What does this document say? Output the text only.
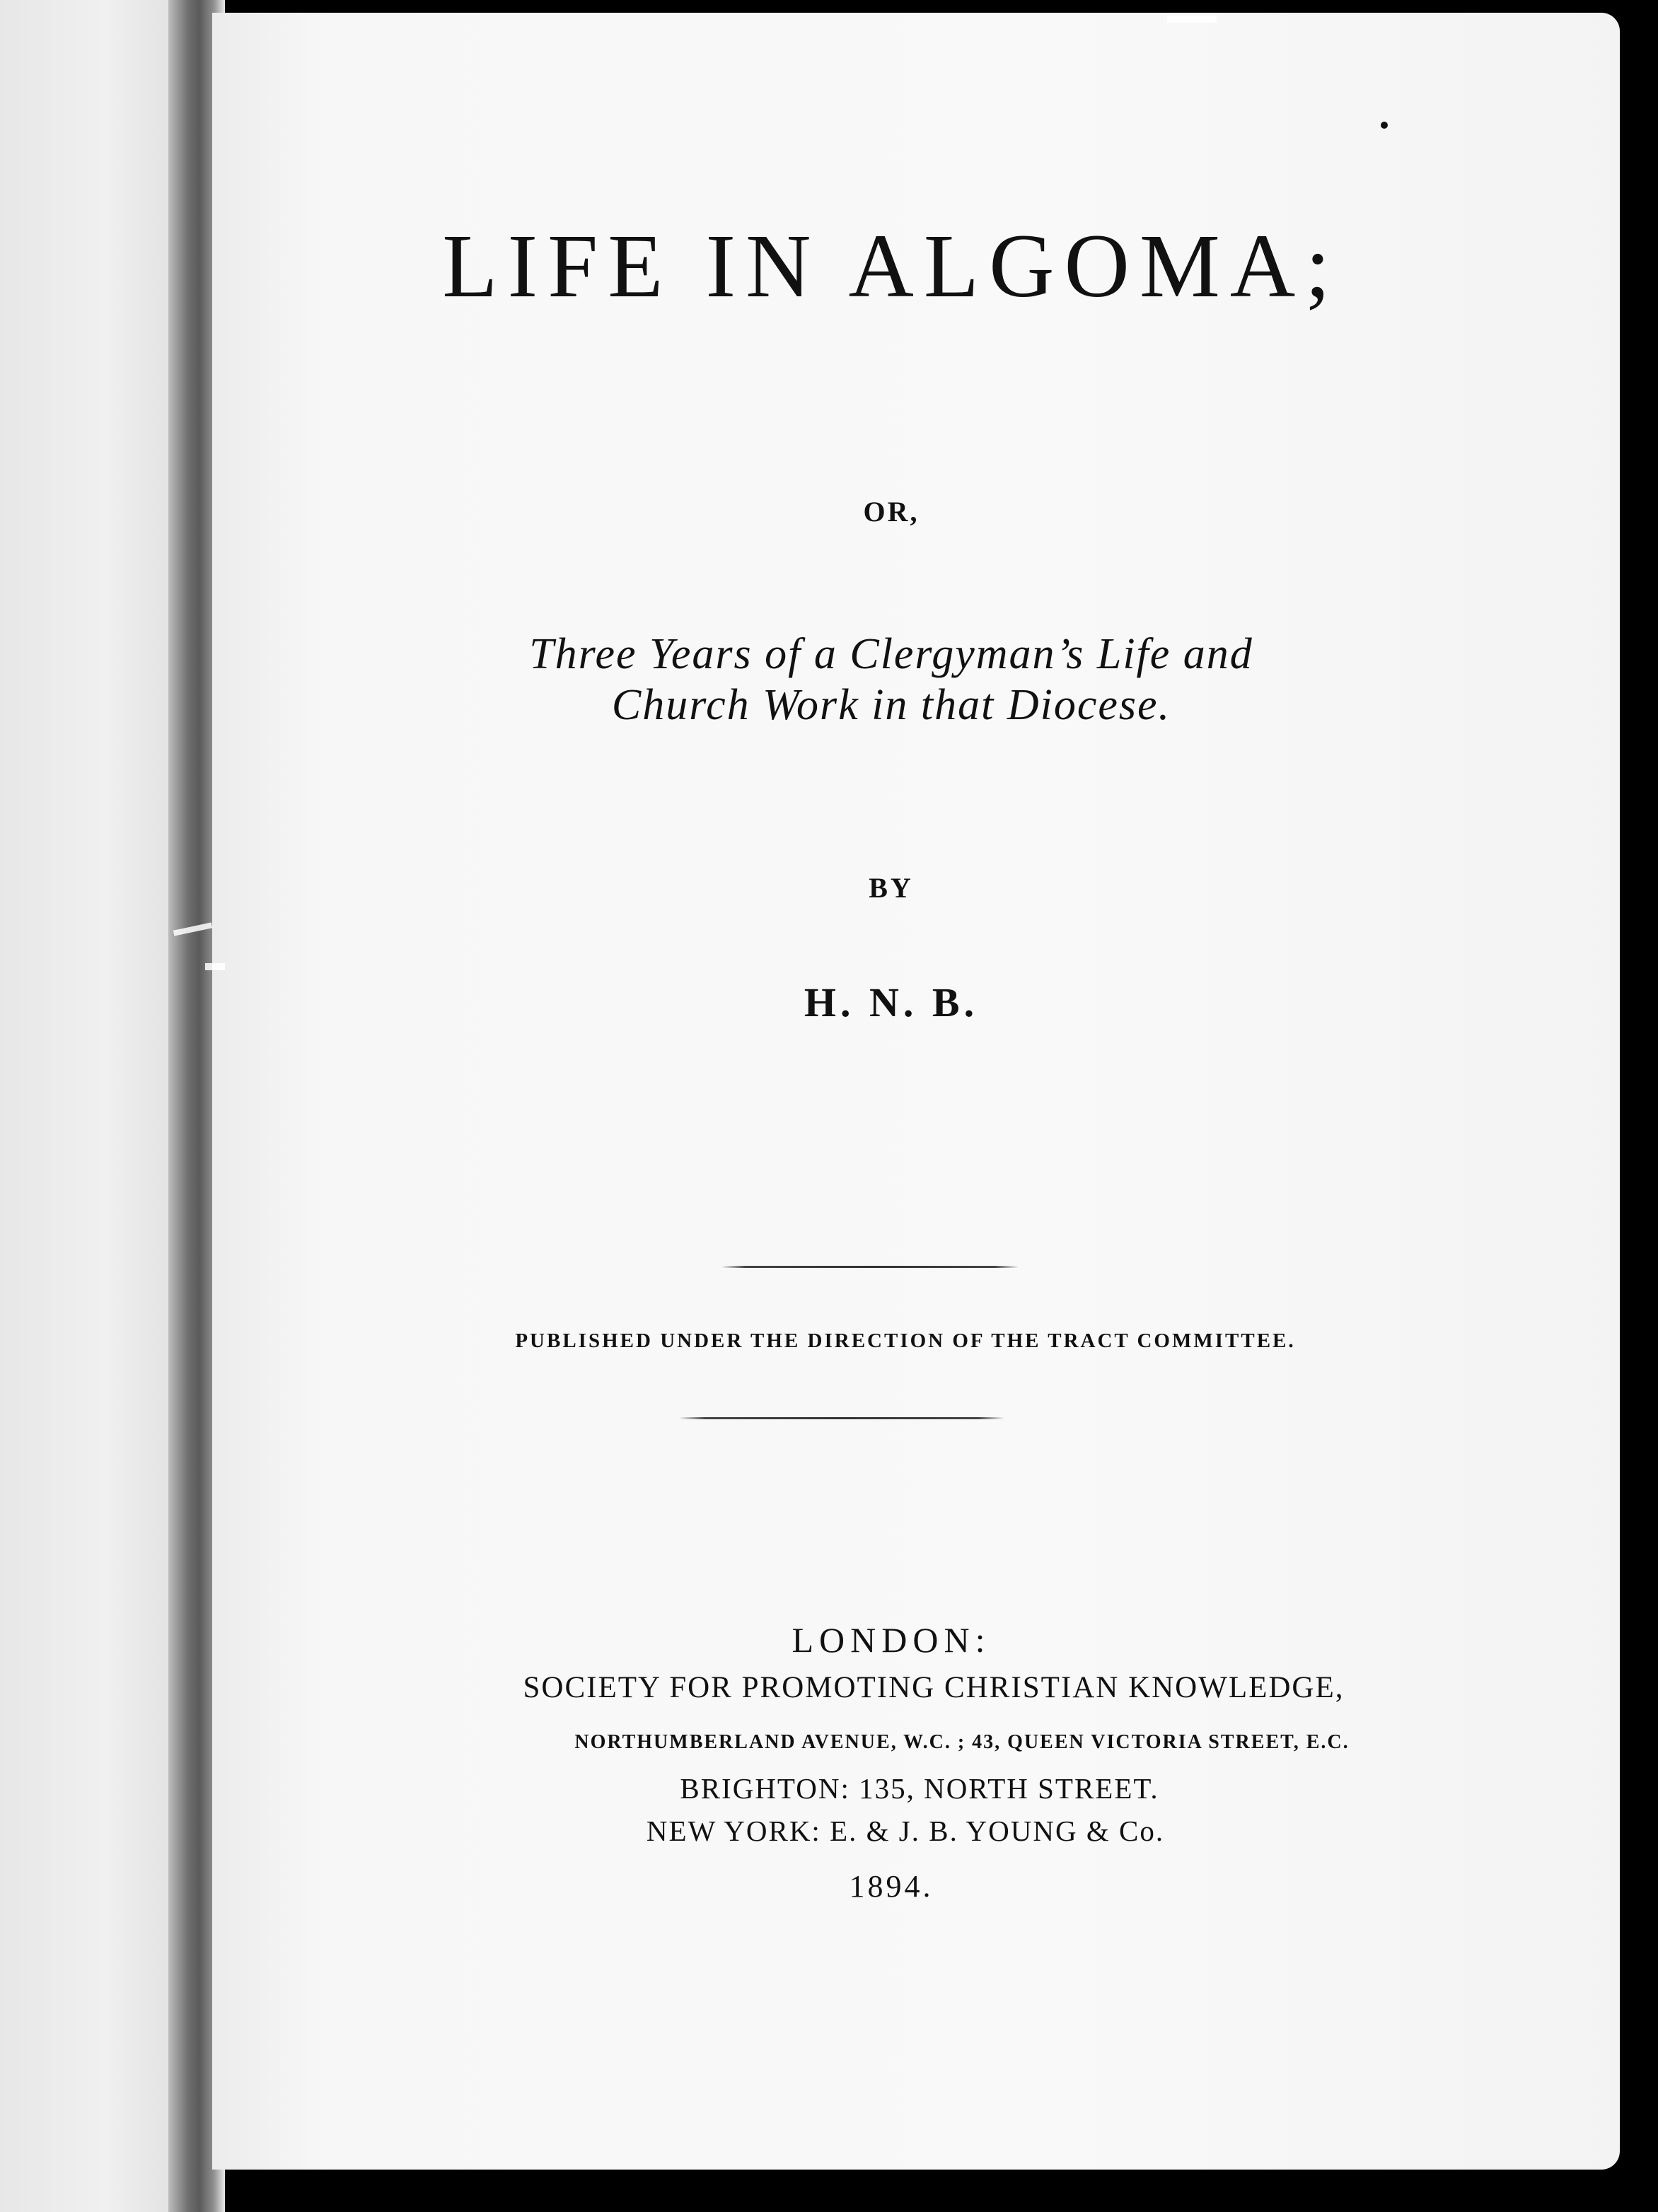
LIFE IN ALGOMA;
OR,
Three Years of a Clergyman’s Life and
Church Work in that Diocese.
BY
H. N. B.
PUBLISHED UNDER THE DIRECTION OF THE TRACT COMMITTEE.
LONDON:
SOCIETY FOR PROMOTING CHRISTIAN KNOWLEDGE,
NORTHUMBERLAND AVENUE, W.C. ; 43, QUEEN VICTORIA STREET, E.C.
BRIGHTON: 135, NORTH STREET.
NEW YORK: E. & J. B. YOUNG & Co.
1894.
